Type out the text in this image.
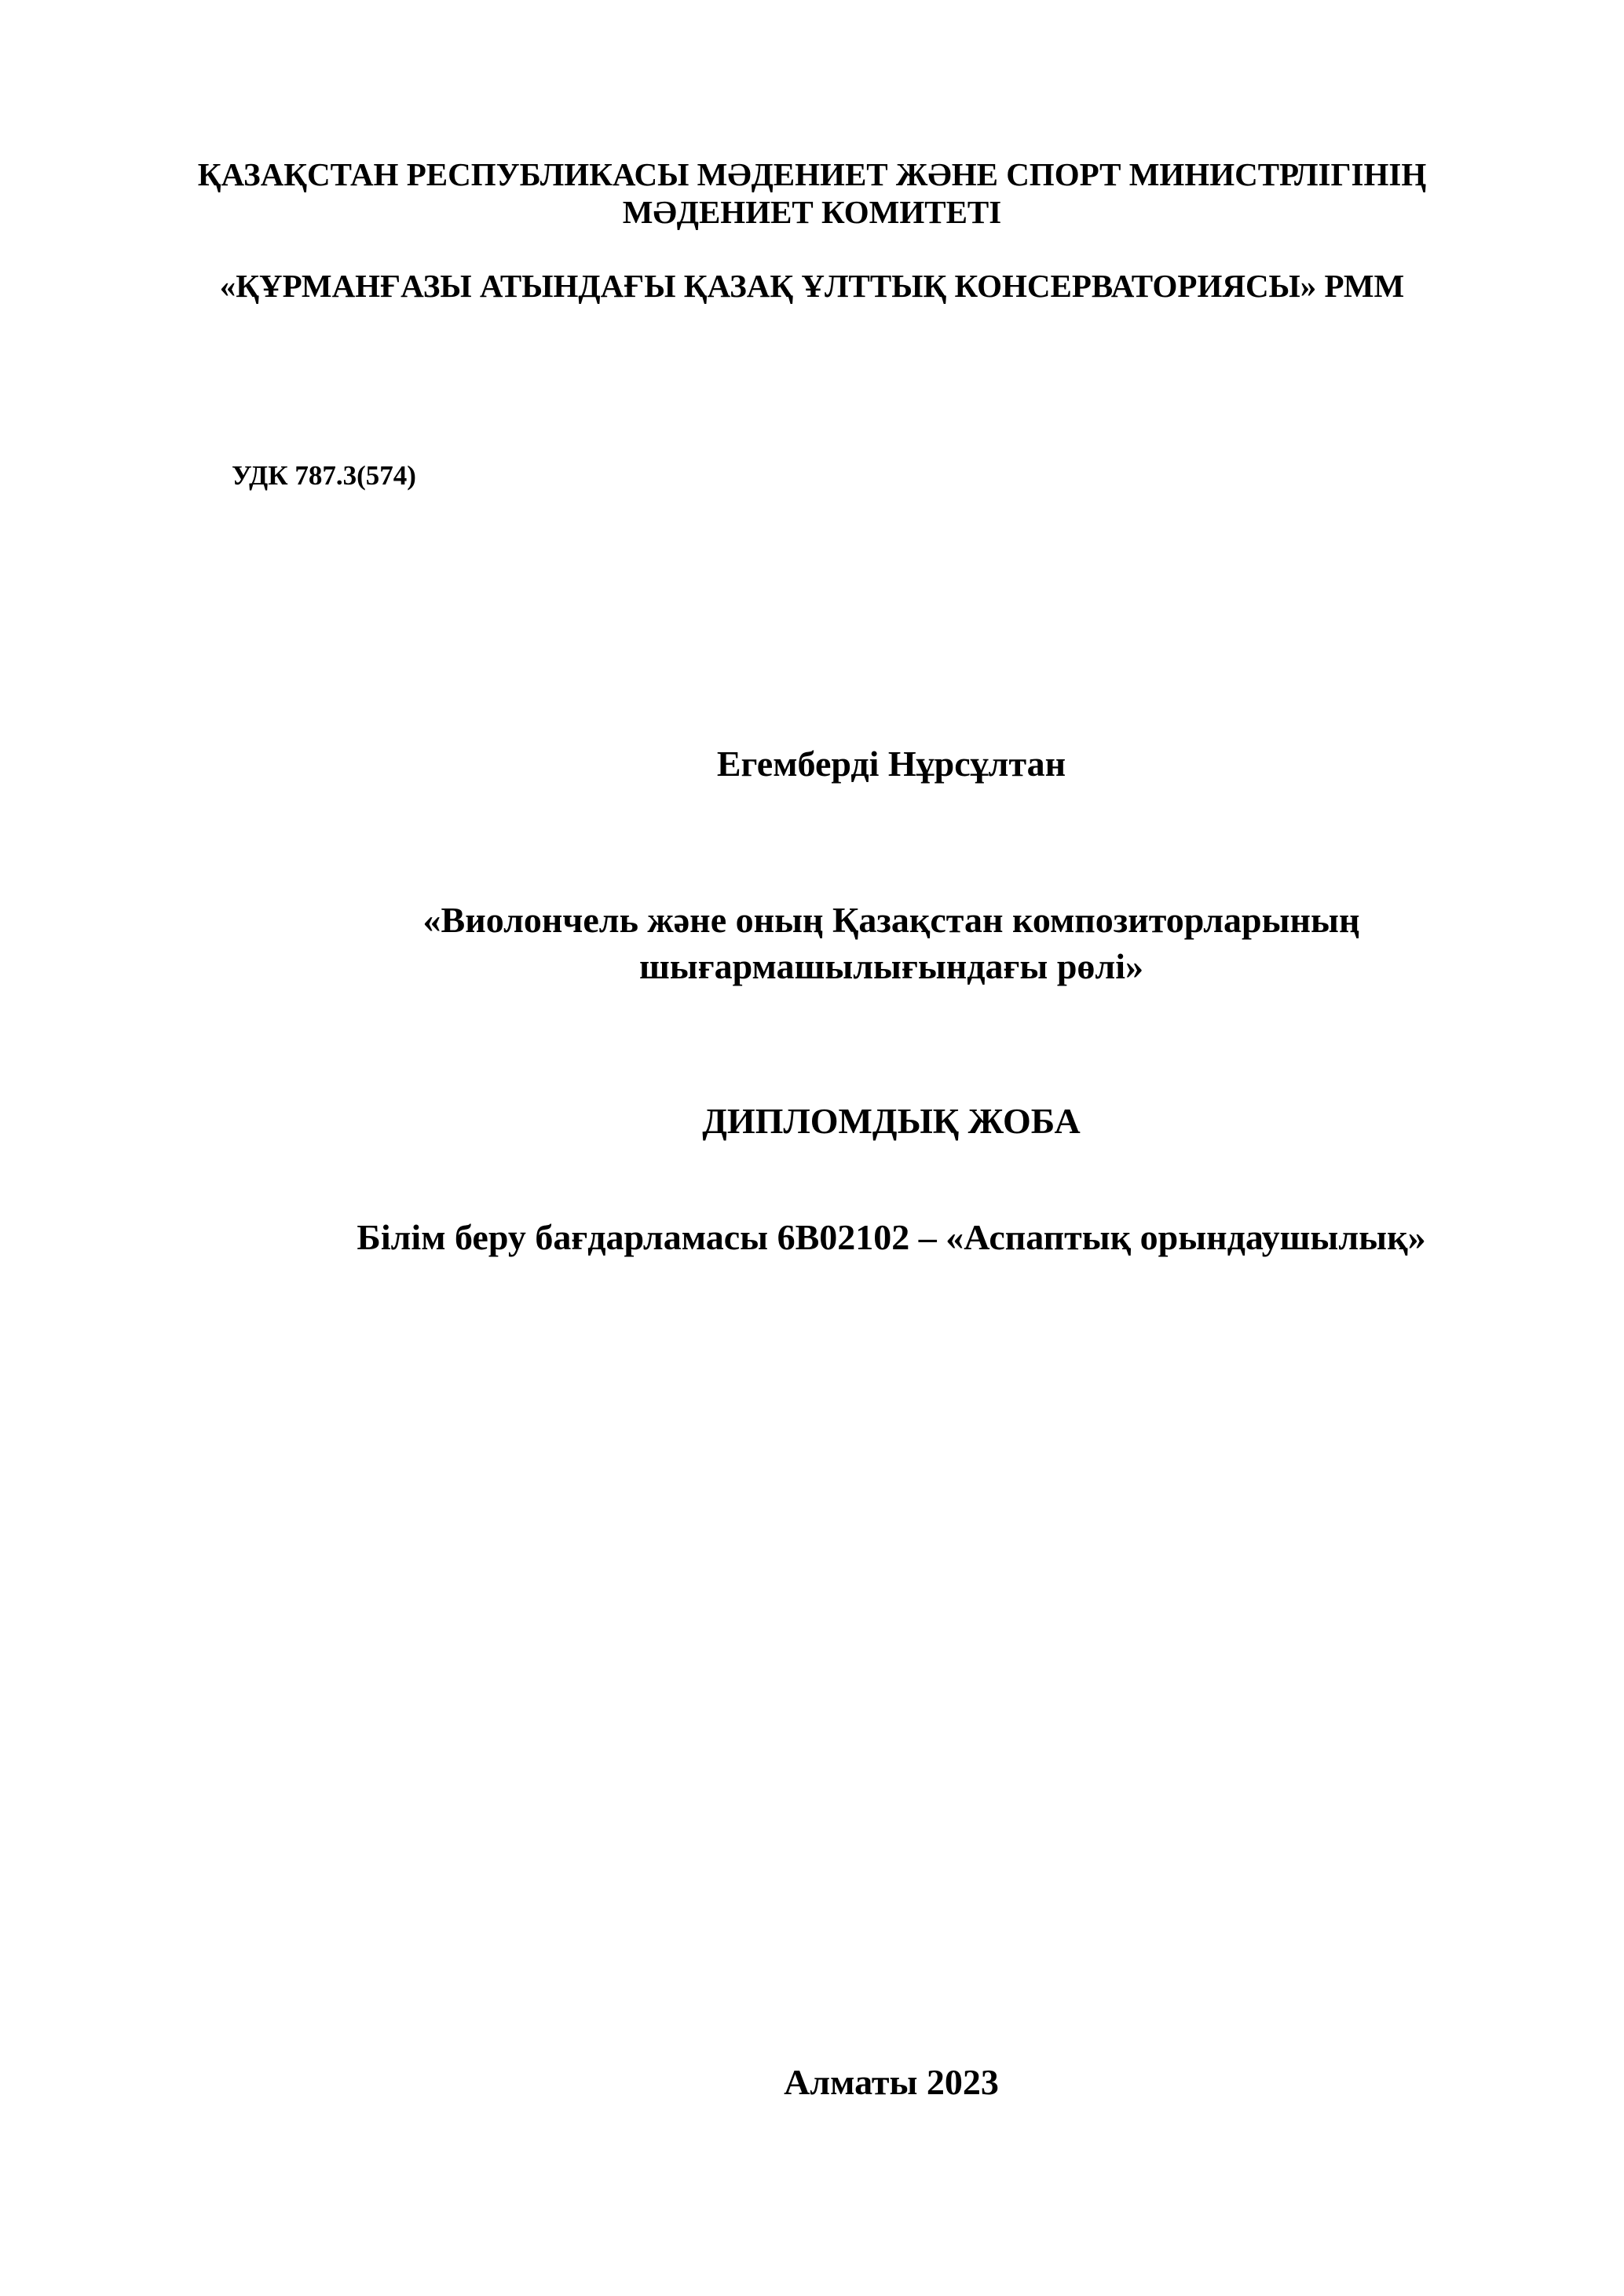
ҚАЗАҚСТАН РЕСПУБЛИКАСЫ МӘДЕНИЕТ ЖӘНЕ СПОРТ МИНИСТРЛІГІНІҢ
МӘДЕНИЕТ КОМИТЕТІ
«ҚҰРМАНҒАЗЫ АТЫНДАҒЫ ҚАЗАҚ ҰЛТТЫҚ КОНСЕРВАТОРИЯСЫ» РММ
УДК 787.3(574)
Егемберді Нұрсұлтан
«Виолончель және оның Қазақстан композиторларының
шығармашылығындағы рөлі»
ДИПЛОМДЫҚ ЖОБА
Білім беру бағдарламасы 6В02102 – «Аспаптық орындаушылық»
Алматы 2023
